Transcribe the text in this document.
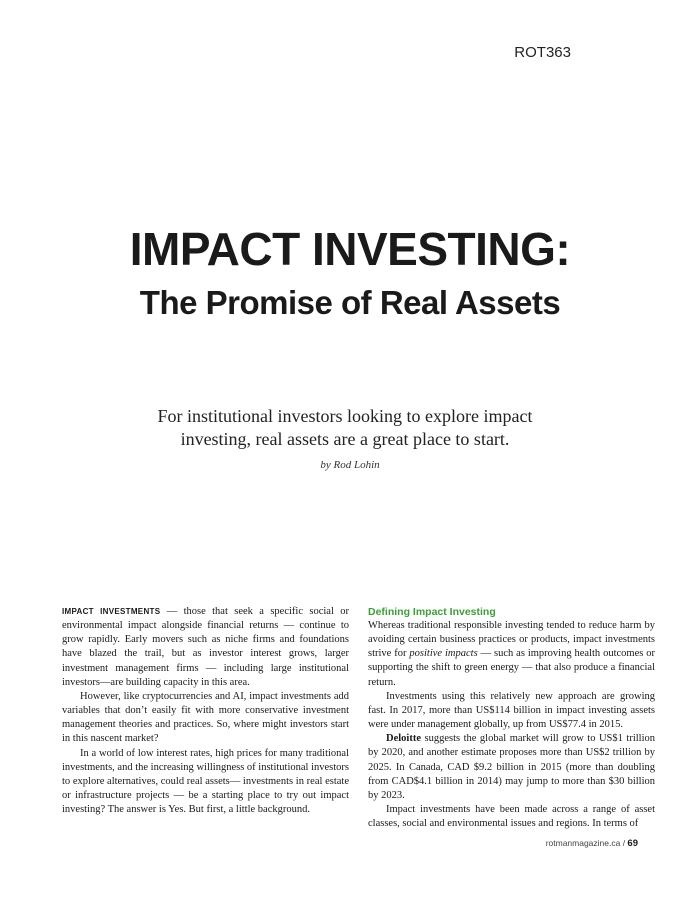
ROT363
IMPACT INVESTING:
The Promise of Real Assets
For institutional investors looking to explore impact investing, real assets are a great place to start.
by Rod Lohin

IMPACT INVESTMENTS — those that seek a specific social or environmental impact alongside financial returns — continue to grow rapidly. Early movers such as niche firms and foundations have blazed the trail, but as investor interest grows, larger investment management firms — including large institutional investors—are building capacity in this area.

However, like cryptocurrencies and AI, impact investments add variables that don’t easily fit with more conservative investment management theories and practices. So, where might investors start in this nascent market?

In a world of low interest rates, high prices for many traditional investments, and the increasing willingness of institutional investors to explore alternatives, could real assets— investments in real estate or infrastructure projects — be a starting place to try out impact investing? The answer is Yes. But first, a little background.

Defining Impact Investing

Whereas traditional responsible investing tended to reduce harm by avoiding certain business practices or products, impact investments strive for positive impacts — such as improving health outcomes or supporting the shift to green energy — that also produce a financial return.

Investments using this relatively new approach are growing fast. In 2017, more than US$114 billion in impact investing assets were under management globally, up from US$77.4 in 2015.

Deloitte suggests the global market will grow to US$1 trillion by 2020, and another estimate proposes more than US$2 trillion by 2025. In Canada, CAD $9.2 billion in 2015 (more than doubling from CAD$4.1 billion in 2014) may jump to more than $30 billion by 2023.

Impact investments have been made across a range of asset classes, social and environmental issues and regions. In terms of

rotmanmagazine.ca / 69
